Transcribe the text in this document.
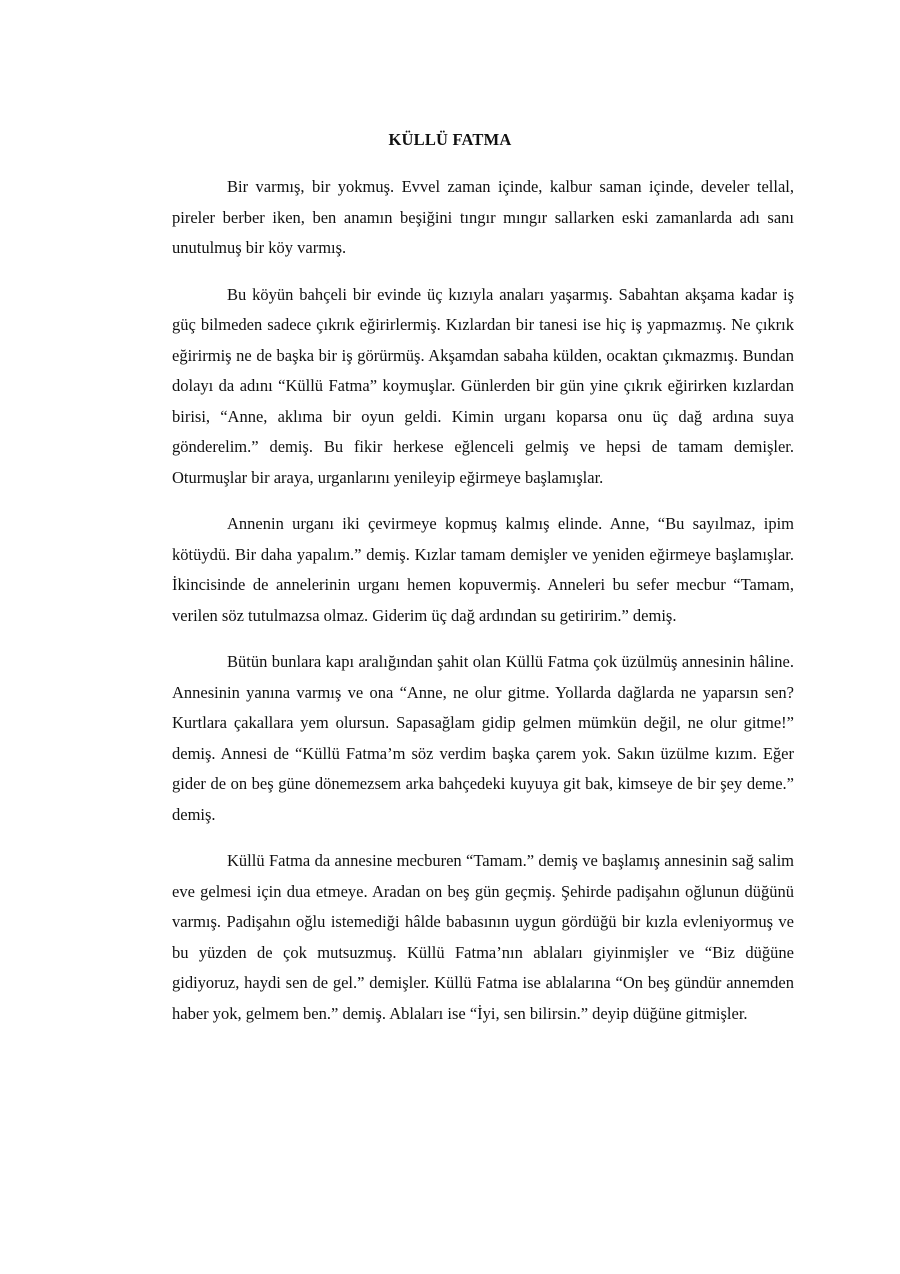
KÜLLÜ FATMA

Bir varmış, bir yokmuş. Evvel zaman içinde, kalbur saman içinde, develer tellal, pireler berber iken, ben anamın beşiğini tıngır mıngır sallarken eski zamanlarda adı sanı unutulmuş bir köy varmış.

Bu köyün bahçeli bir evinde üç kızıyla anaları yaşarmış. Sabahtan akşama kadar iş güç bilmeden sadece çıkrık eğirirlermiş. Kızlardan bir tanesi ise hiç iş yapmazmış. Ne çıkrık eğirirmiş ne de başka bir iş görürmüş. Akşamdan sabaha külden, ocaktan çıkmazmış. Bundan dolayı da adını “Küllü Fatma” koymuşlar. Günlerden bir gün yine çıkrık eğirirken kızlardan birisi, “Anne, aklıma bir oyun geldi. Kimin urganı koparsa onu üç dağ ardına suya gönderelim.” demiş. Bu fikir herkese eğlenceli gelmiş ve hepsi de tamam demişler. Oturmuşlar bir araya, urganlarını yenileyip eğirmeye başlamışlar.

Annenin urganı iki çevirmeye kopmuş kalmış elinde. Anne, “Bu sayılmaz, ipim kötüydü. Bir daha yapalım.” demiş. Kızlar tamam demişler ve yeniden eğirmeye başlamışlar. İkincisinde de annelerinin urganı hemen kopuvermiş. Anneleri bu sefer mecbur “Tamam, verilen söz tutulmazsa olmaz. Giderim üç dağ ardından su getiririm.” demiş.

Bütün bunlara kapı aralığından şahit olan Küllü Fatma çok üzülmüş annesinin hâline. Annesinin yanına varmış ve ona “Anne, ne olur gitme. Yollarda dağlarda ne yaparsın sen? Kurtlara çakallara yem olursun. Sapasağlam gidip gelmen mümkün değil, ne olur gitme!” demiş. Annesi de “Küllü Fatma’m söz verdim başka çarem yok. Sakın üzülme kızım. Eğer gider de on beş güne dönemezsem arka bahçedeki kuyuya git bak, kimseye de bir şey deme.” demiş.

Küllü Fatma da annesine mecburen “Tamam.” demiş ve başlamış annesinin sağ salim eve gelmesi için dua etmeye. Aradan on beş gün geçmiş. Şehirde padişahın oğlunun düğünü varmış. Padişahın oğlu istemediği hâlde babasının uygun gördüğü bir kızla evleniyormuş ve bu yüzden de çok mutsuzmuş. Küllü Fatma’nın ablaları giyinmişler ve “Biz düğüne gidiyoruz, haydi sen de gel.” demişler. Küllü Fatma ise ablalarına “On beş gündür annemden haber yok, gelmem ben.” demiş. Ablaları ise “İyi, sen bilirsin.” deyip düğüne gitmişler.
